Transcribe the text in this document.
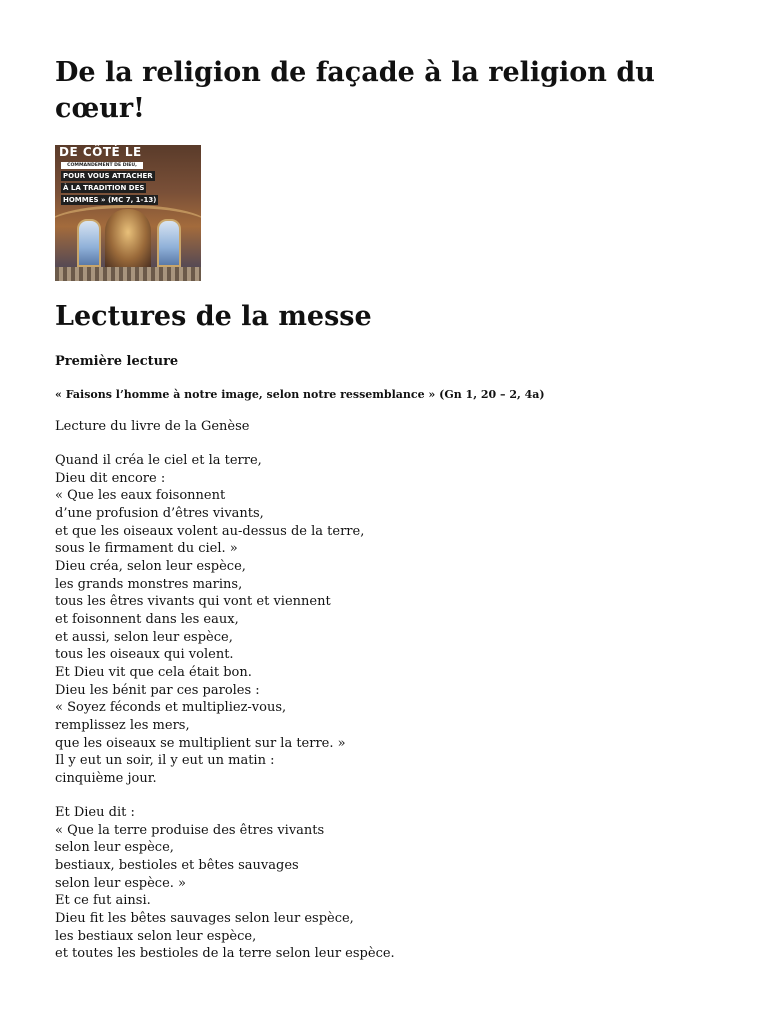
De la religion de façade à la religion du cœur!
DE CÔTÉ LE
COMMANDEMENT DE DIEU,
POUR VOUS ATTACHER
À LA TRADITION DES
HOMMES » (MC 7, 1-13)
Lectures de la messe
Première lecture
« Faisons l’homme à notre image, selon notre ressemblance » (Gn 1, 20 – 2, 4a)
Lecture du livre de la Genèse
Quand il créa le ciel et la terre,
Dieu dit encore :
« Que les eaux foisonnent
d’une profusion d’êtres vivants,
et que les oiseaux volent au-dessus de la terre,
sous le firmament du ciel. »
Dieu créa, selon leur espèce,
les grands monstres marins,
tous les êtres vivants qui vont et viennent
et foisonnent dans les eaux,
et aussi, selon leur espèce,
tous les oiseaux qui volent.
Et Dieu vit que cela était bon.
Dieu les bénit par ces paroles :
« Soyez féconds et multipliez-vous,
remplissez les mers,
que les oiseaux se multiplient sur la terre. »
Il y eut un soir, il y eut un matin :
cinquième jour.
Et Dieu dit :
« Que la terre produise des êtres vivants
selon leur espèce,
bestiaux, bestioles et bêtes sauvages
selon leur espèce. »
Et ce fut ainsi.
Dieu fit les bêtes sauvages selon leur espèce,
les bestiaux selon leur espèce,
et toutes les bestioles de la terre selon leur espèce.
